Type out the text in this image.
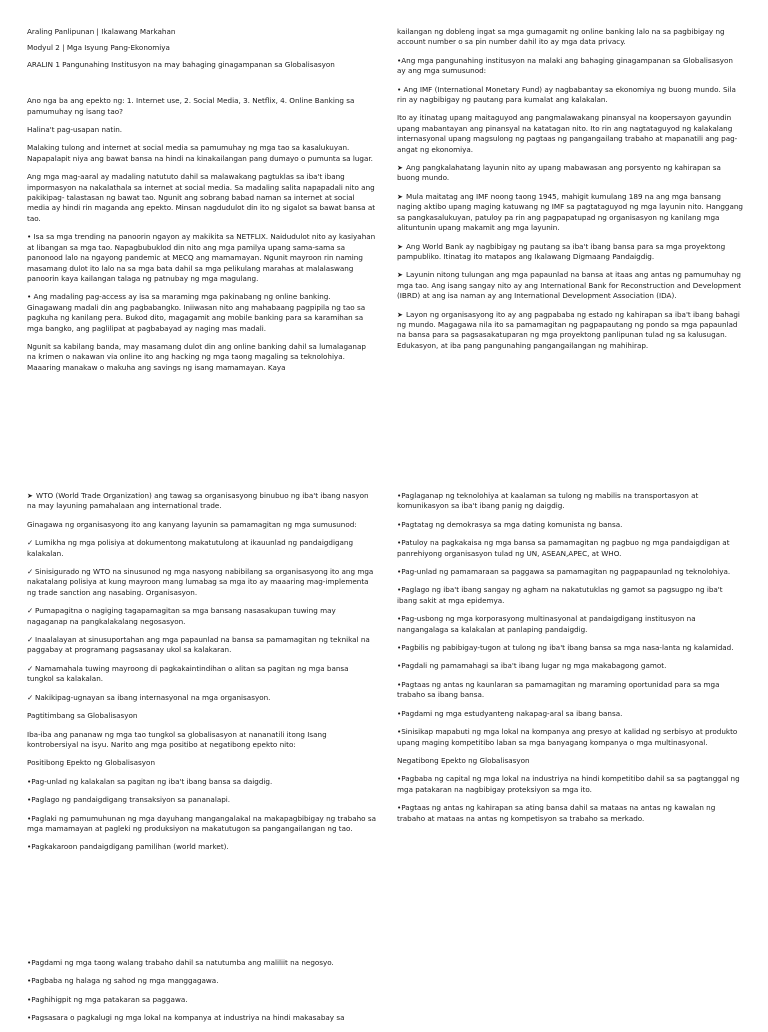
Araling Panlipunan | Ikalawang Markahan

Modyul 2 | Mga Isyung Pang-Ekonomiya

ARALIN 1 Pangunahing Institusyon na may bahaging ginagampanan sa Globalisasyon

Ano nga ba ang epekto ng: 1. Internet use, 2. Social Media, 3. Netflix, 4. Online Banking sa pamumuhay ng isang tao?

Halina't pag-usapan natin.

Malaking tulong and internet at social media sa pamumuhay ng mga tao sa kasalukuyan. Napapalapit niya ang bawat bansa na hindi na kinakailangan pang dumayo o pumunta sa lugar.

Ang mga mag-aaral ay madaling natututo dahil sa malawakang pagtuklas sa iba't ibang impormasyon na nakalathala sa internet at social media. Sa madaling salita napapadali nito ang pakikipag- talastasan ng bawat tao. Ngunit ang sobrang babad naman sa internet at social media ay hindi rin maganda ang epekto. Minsan nagdudulot din ito ng sigalot sa bawat bansa at tao.

• Isa sa mga trending na panoorin ngayon ay makikita sa NETFLIX. Naidudulot nito ay kasiyahan at libangan sa mga tao. Napagbubuklod din nito ang mga pamilya upang sama-sama sa panonood lalo na ngayong pandemic at MECQ ang mamamayan. Ngunit mayroon rin naming masamang dulot ito lalo na sa mga bata dahil sa mga pelikulang marahas at malalaswang panoorin kaya kailangan talaga ng patnubay ng mga magulang.

• Ang madaling pag-access ay isa sa maraming mga pakinabang ng online banking. Ginagawang madali din ang pagbabangko. Iniiwasan nito ang mahabaang pagpipila ng tao sa pagkuha ng kanilang pera. Bukod dito, magagamit ang mobile banking para sa karamihan sa mga bangko, ang paglilipat at pagbabayad ay naging mas madali.

Ngunit sa kabilang banda, may masamang dulot din ang online banking dahil sa lumalaganap na krimen o nakawan via online ito ang hacking ng mga taong magaling sa teknolohiya. Maaaring manakaw o makuha ang savings ng isang mamamayan. Kaya

kailangan ng dobleng ingat sa mga gumagamit ng online banking lalo na sa pagbibigay ng account number o sa pin number dahil ito ay mga data privacy.

•Ang mga pangunahing institusyon na malaki ang bahaging ginagampanan sa Globalisasyon ay ang mga sumusunod:

• Ang IMF (International Monetary Fund) ay nagbabantay sa ekonomiya ng buong mundo. Sila rin ay nagbibigay ng pautang para kumalat ang kalakalan.

Ito ay itinatag upang maitaguyod ang pangmalawakang pinansyal na koopersayon gayundin upang mabantayan ang pinansyal na katatagan nito. Ito rin ang nagtataguyod ng kalakalang internasyonal upang magsulong ng pagtaas ng pangangailang trabaho at mapanatili ang pag-angat ng ekonomiya.

➤ Ang pangkalahatang layunin nito ay upang mabawasan ang porsyento ng kahirapan sa buong mundo.

➤ Mula maitatag ang IMF noong taong 1945, mahigit kumulang 189 na ang mga bansang naging aktibo upang maging katuwang ng IMF sa pagtataguyod ng mga layunin nito. Hanggang sa pangkasalukuyan, patuloy pa rin ang pagpapatupad ng organisasyon ng kanilang mga alituntunin upang makamit ang mga layunin.

➤ Ang World Bank ay nagbibigay ng pautang sa iba't ibang bansa para sa mga proyektong pampubliko. Itinatag ito matapos ang Ikalawang Digmaang Pandaigdig.

➤ Layunin nitong tulungan ang mga papaunlad na bansa at itaas ang antas ng pamumuhay ng mga tao. Ang isang sangay nito ay ang International Bank for Reconstruction and Development (IBRD) at ang isa naman ay ang International Development Association (IDA).

➤ Layon ng organisasyong ito ay ang pagpababa ng estado ng kahirapan sa iba't ibang bahagi ng mundo. Magagawa nila ito sa pamamagitan ng pagpapautang ng pondo sa mga papaunlad na bansa para sa pagsasakatuparan ng mga proyektong panlipunan tulad ng sa kalusugan. Edukasyon, at iba pang pangunahing pangangailangan ng mahihirap.

➤ WTO (World Trade Organization) ang tawag sa organisasyong binubuo ng iba't ibang nasyon na may layuning pamahalaan ang international trade.

Ginagawa ng organisasyong ito ang kanyang layunin sa pamamagitan ng mga sumusunod:

✓ Lumikha ng mga polisiya at dokumentong makatutulong at ikauunlad ng pandaigdigang kalakalan.

✓ Sinisigurado ng WTO na sinusunod ng mga nasyong nabibilang sa organisasyong ito ang mga nakatalang polisiya at kung mayroon mang lumabag sa mga ito ay maaaring mag-implementa ng trade sanction ang nasabing. Organisasyon.

✓ Pumapagitna o nagiging tagapamagitan sa mga bansang nasasakupan tuwing may nagaganap na pangkalakalang negosasyon.

✓ Inaalalayan at sinusuportahan ang mga papaunlad na bansa sa pamamagitan ng teknikal na paggabay at programang pagsasanay ukol sa kalakaran.

✓ Namamahala tuwing mayroong di pagkakaintindihan o alitan sa pagitan ng mga bansa tungkol sa kalakalan.

✓ Nakikipag-ugnayan sa ibang internasyonal na mga organisasyon.

Pagtitimbang sa Globalisasyon

Iba-iba ang pananaw ng mga tao tungkol sa globalisasyon at nananatili itong Isang kontrobersiyal na isyu. Narito ang mga positibo at negatibong epekto nito:

Positibong Epekto ng Globalisasyon

•Pag-unlad ng kalakalan sa pagitan ng iba't ibang bansa sa daigdig.

•Paglago ng pandaigdigang transaksiyon sa pananalapi.

•Paglaki ng pamumuhunan ng mga dayuhang mangangalakal na makapagbibigay ng trabaho sa mga mamamayan at pagleki ng produksiyon na makatutugon sa pangangailangan ng tao.

•Pagkakaroon pandaigdigang pamilihan (world market).

•Paglaganap ng teknolohiya at kaalaman sa tulong ng mabilis na transportasyon at komunikasyon sa iba't ibang panig ng daigdig.

•Pagtatag ng demokrasya sa mga dating komunista ng bansa.

•Patuloy na pagkakaisa ng mga bansa sa pamamagitan ng pagbuo ng mga pandaigdigan at panrehiyong organisasyon tulad ng UN, ASEAN,APEC, at WHO.

•Pag-unlad ng pamamaraan sa paggawa sa pamamagitan ng pagpapaunlad ng teknolohiya.

•Paglago ng iba't ibang sangay ng agham na nakatutuklas ng gamot sa pagsugpo ng iba't ibang sakit at mga epidemya.

•Pag-usbong ng mga korporasyong multinasyonal at pandaigdigang institusyon na nangangalaga sa kalakalan at panlaping pandaigdig.

•Pagbilis ng pabibigay-tugon at tulong ng iba't ibang bansa sa mga nasa-lanta ng kalamidad.

•Pagdali ng pamamahagi sa iba't ibang lugar ng mga makabagong gamot.

•Pagtaas ng antas ng kaunlaran sa pamamagitan ng maraming oportunidad para sa mga trabaho sa ibang bansa.

•Pagdami ng mga estudyanteng nakapag-aral sa ibang bansa.

•Sinisikap mapabuti ng mga lokal na kompanya ang presyo at kalidad ng serbisyo at produkto upang maging kompetitibo laban sa mga banyagang kompanya o mga multinasyonal.

Negatibong Epekto ng Globalisasyon

•Pagbaba ng capital ng mga lokal na industriya na hindi kompetitibo dahil sa sa pagtanggal ng mga patakaran na nagbibigay proteksiyon sa mga ito.

•Pagtaas ng antas ng kahirapan sa ating bansa dahil sa mataas na antas ng kawalan ng trabaho at mataas na antas ng kompetisyon sa trabaho sa merkado.

•Pagdami ng mga taong walang trabaho dahil sa natutumba ang maliliit na negosyo.

•Pagbaba ng halaga ng sahod ng mga manggagawa.

•Paghihigpit ng mga patakaran sa paggawa.

•Pagsasara o pagkalugi ng mga lokal na kompanya at industriya na hindi makasabay sa
